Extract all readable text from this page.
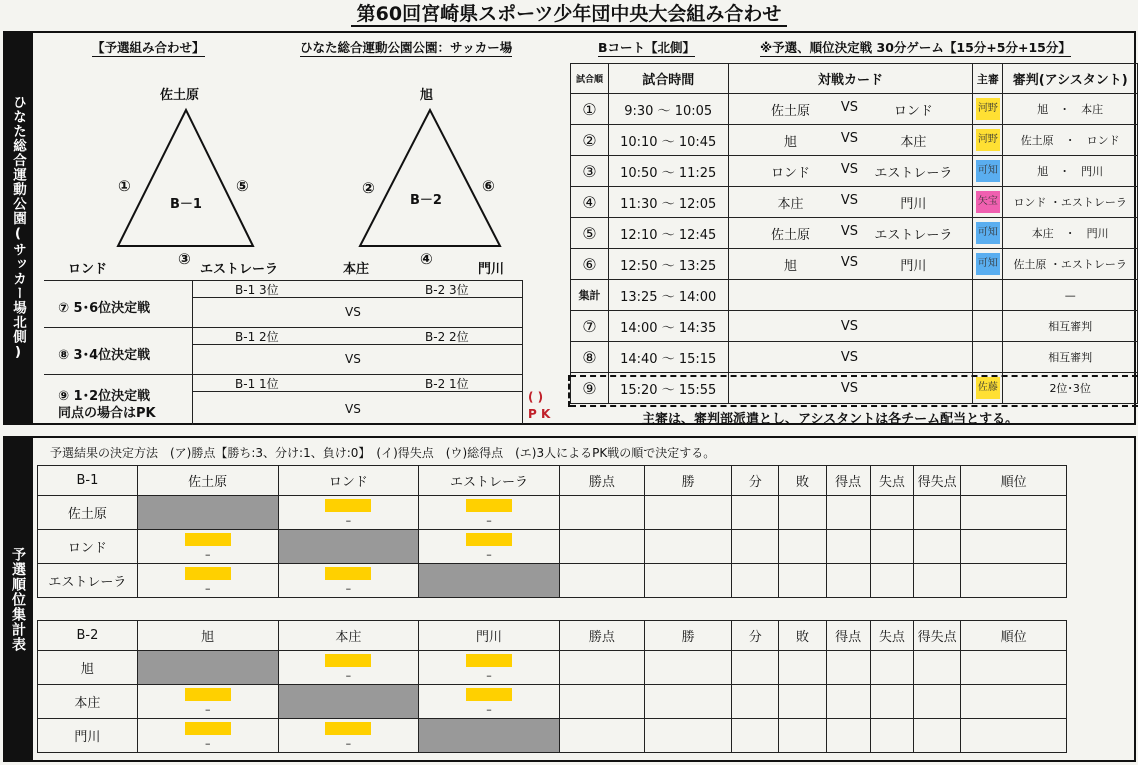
第60回宮崎県スポーツ少年団中央大会組み合わせ
ひなた総合運動公園(サッカー場北側)
【予選組み合わせ】	ひなた総合運動公園公園：サッカー場	Bコート【北側】	※予選、順位決定戦 30分ゲーム【15分+5分+15分】
佐土原
ロンド	エストレーラ
B－1
①	⑤
③
旭
本庄	門川
B－2
②	⑥
④
⑦ 5･6位決定戦
B-1 3位	B-2 3位
VS
⑧ 3･4位決定戦
B-1 2位	B-2 2位
VS
⑨ 1･2位決定戦
同点の場合はPK
B-1 1位	B-2 1位
VS
( )
P K
試合順	試合時間	対戦カード	主審	審判(アシスタント)
①	9:30 ～ 10:05	佐土原 VS ロンド	河野	旭　・　本庄
②	10:10 ～ 10:45	旭 VS 本庄	河野	佐土原　・　ロンド
③	10:50 ～ 11:25	ロンド VS エストレーラ	可知	旭　・　門川
④	11:30 ～ 12:05	本庄 VS 門川	矢宝	ロンド ・エストレーラ
⑤	12:10 ～ 12:45	佐土原 VS エストレーラ	可知	本庄　・　門川
⑥	12:50 ～ 13:25	旭 VS 門川	可知	佐土原 ・エストレーラ
集計	13:25 ～ 14:00			—
⑦	14:00 ～ 14:35	VS		相互審判
⑧	14:40 ～ 15:15	VS		相互審判
⑨	15:20 ～ 15:55	VS	佐藤	2位･3位
主審は、審判部派遣とし、アシスタントは各チーム配当とする。
予選順位集計表
予選結果の決定方法　(ア)勝点【勝ち:3、分け:1、負け:0】　(イ)得失点　(ウ)総得点　(エ)3人によるPK戦の順で決定する。
B-1	佐土原	ロンド	エストレーラ	勝点	勝	分	敗	得点	失点	得失点	順位
佐土原		–	–								

ロンド	–		–								

エストレーラ	–	–									

B-2	旭	本庄	門川	勝点	勝	分	敗	得点	失点	得失点	順位
旭		–	–								

本庄	–		–								

門川	–	–									
